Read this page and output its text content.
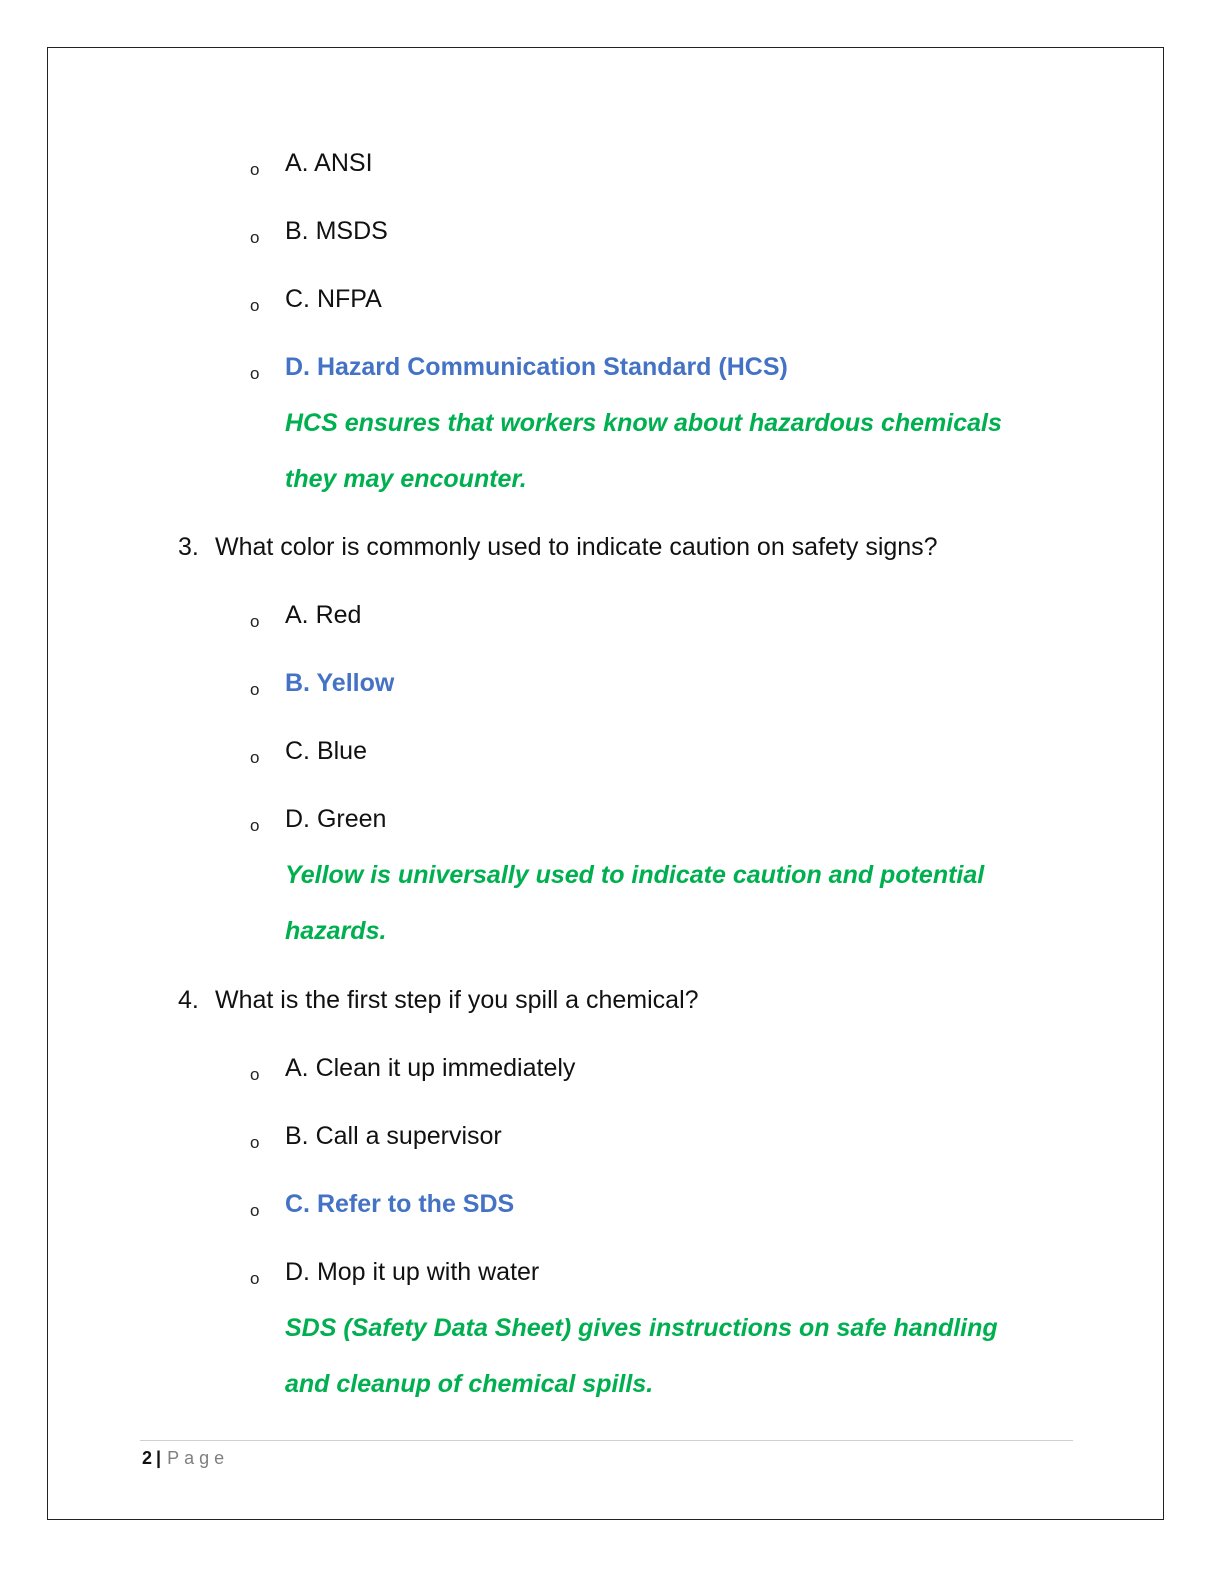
o A. ANSI
o B. MSDS
o C. NFPA
o D. Hazard Communication Standard (HCS)
HCS ensures that workers know about hazardous chemicals
they may encounter.
3. What color is commonly used to indicate caution on safety signs?
o A. Red
o B. Yellow
o C. Blue
o D. Green
Yellow is universally used to indicate caution and potential
hazards.
4. What is the first step if you spill a chemical?
o A. Clean it up immediately
o B. Call a supervisor
o C. Refer to the SDS
o D. Mop it up with water
SDS (Safety Data Sheet) gives instructions on safe handling
and cleanup of chemical spills.
2 | Page
